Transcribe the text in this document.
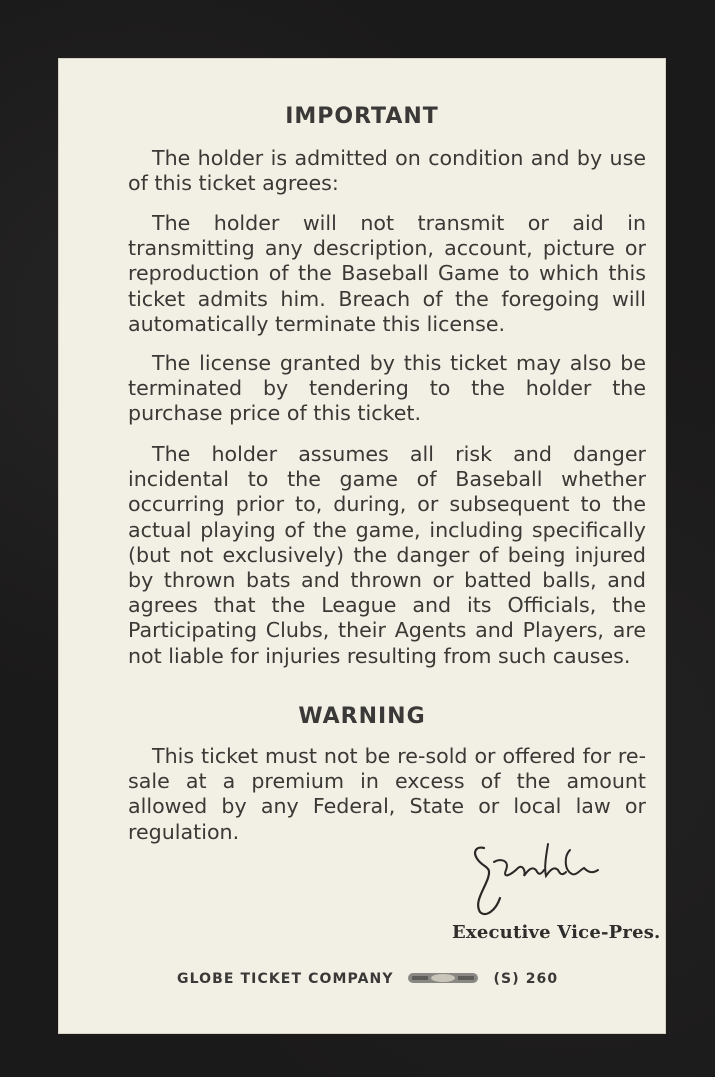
IMPORTANT
The holder is admitted on condition and by use of this ticket agrees:
The holder will not transmit or aid in transmitting any description, account, picture or reproduction of the Baseball Game to which this ticket admits him. Breach of the foregoing will automatically terminate this license.
The license granted by this ticket may also be terminated by tendering to the holder the purchase price of this ticket.
The holder assumes all risk and danger incidental to the game of Baseball whether occurring prior to, during, or subsequent to the actual playing of the game, including specifically (but not exclusively) the danger of being injured by thrown bats and thrown or batted balls, and agrees that the League and its Officials, the Participating Clubs, their Agents and Players, are not liable for injuries resulting from such causes.
WARNING
This ticket must not be re-sold or offered for re-sale at a premium in excess of the amount allowed by any Federal, State or local law or regulation.
Executive Vice-Pres.
GLOBE TICKET COMPANY	(S) 260
